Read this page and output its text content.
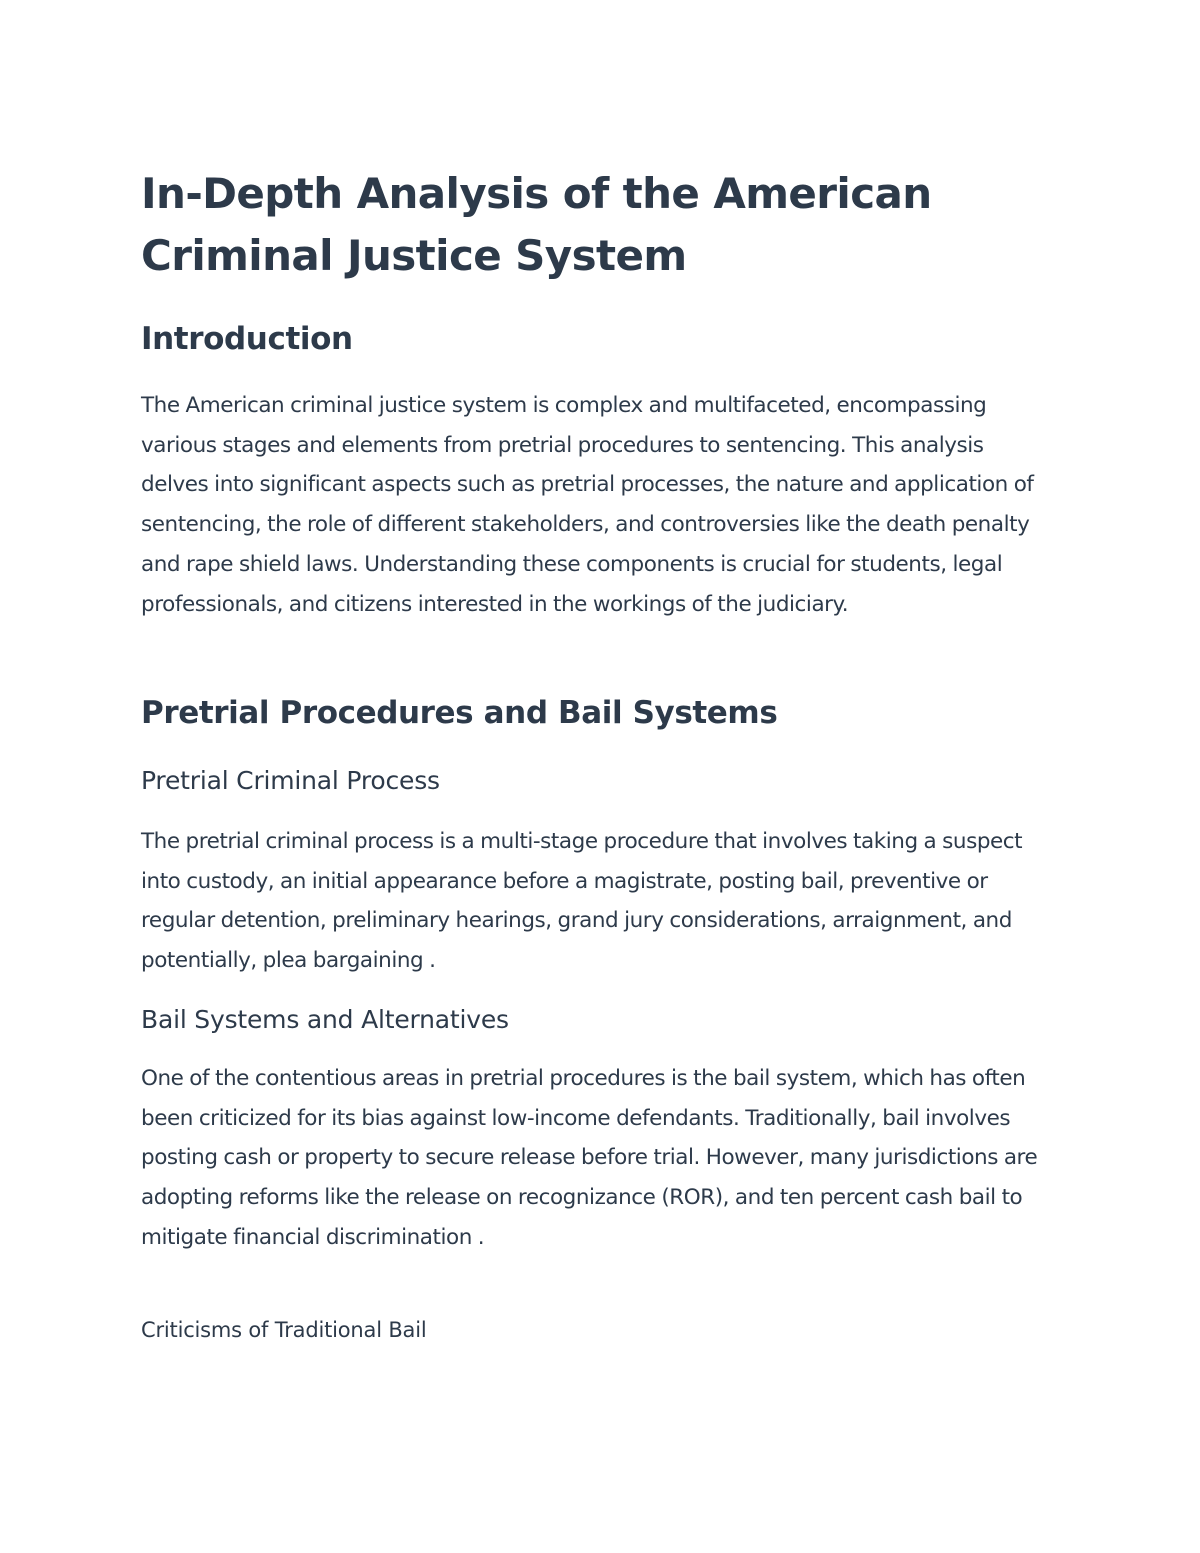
In-Depth Analysis of the American Criminal Justice System
Introduction

The American criminal justice system is complex and multifaceted, encompassing various stages and elements from pretrial procedures to sentencing. This analysis delves into significant aspects such as pretrial processes, the nature and application of sentencing, the role of different stakeholders, and controversies like the death penalty and rape shield laws. Understanding these components is crucial for students, legal professionals, and citizens interested in the workings of the judiciary.

Pretrial Procedures and Bail Systems
Pretrial Criminal Process

The pretrial criminal process is a multi-stage procedure that involves taking a suspect into custody, an initial appearance before a magistrate, posting bail, preventive or regular detention, preliminary hearings, grand jury considerations, arraignment, and potentially, plea bargaining .

Bail Systems and Alternatives

One of the contentious areas in pretrial procedures is the bail system, which has often been criticized for its bias against low-income defendants. Traditionally, bail involves posting cash or property to secure release before trial. However, many jurisdictions are adopting reforms like the release on recognizance (ROR), and ten percent cash bail to mitigate financial discrimination .

Criticisms of Traditional Bail
